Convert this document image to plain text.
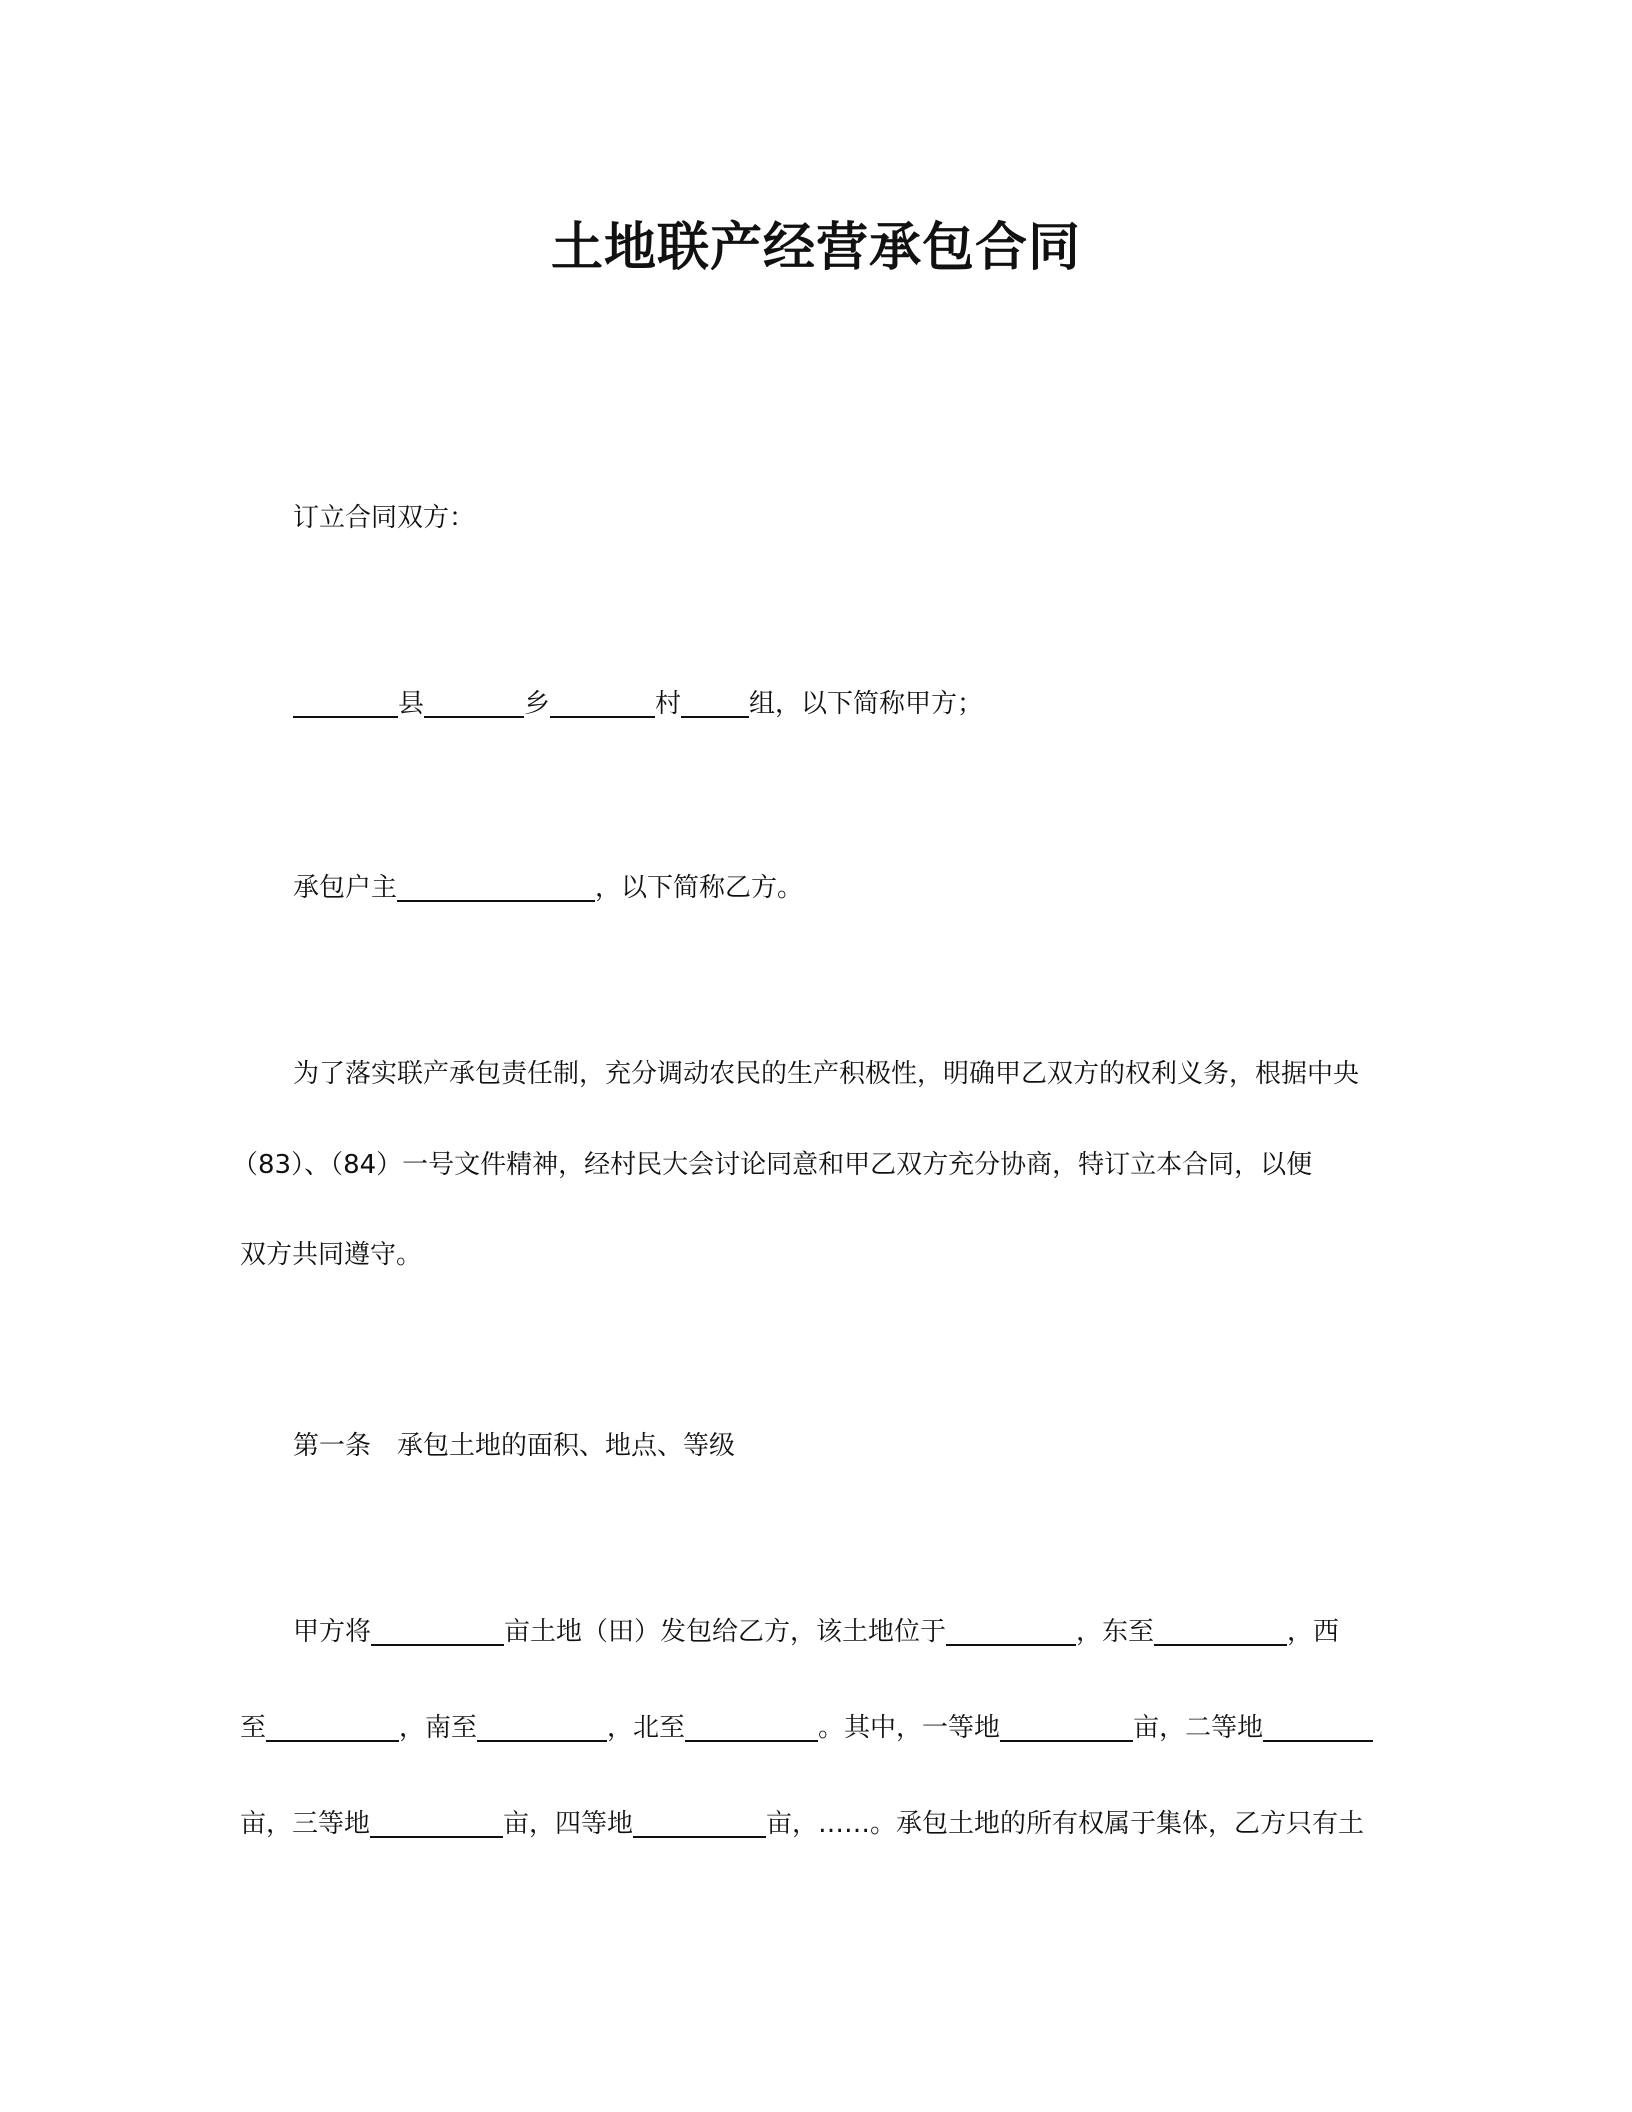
土地联产经营承包合同

订立合同双方：

县	乡	村	组，以下简称甲方；

承包户主	，以下简称乙方。

为了落实联产承包责任制，充分调动农民的生产积极性，明确甲乙双方的权利义务，根据中央

（83）、（84）一号文件精神，经村民大会讨论同意和甲乙双方充分协商，特订立本合同，以便

双方共同遵守。

第一条 承包土地的面积、地点、等级

甲方将	亩土地（田）发包给乙方，该土地位于	，东至	，西

至	，南至	，北至	。其中，一等地	亩，二等地

亩，三等地	亩，四等地	亩，……。承包土地的所有权属于集体，乙方只有土
